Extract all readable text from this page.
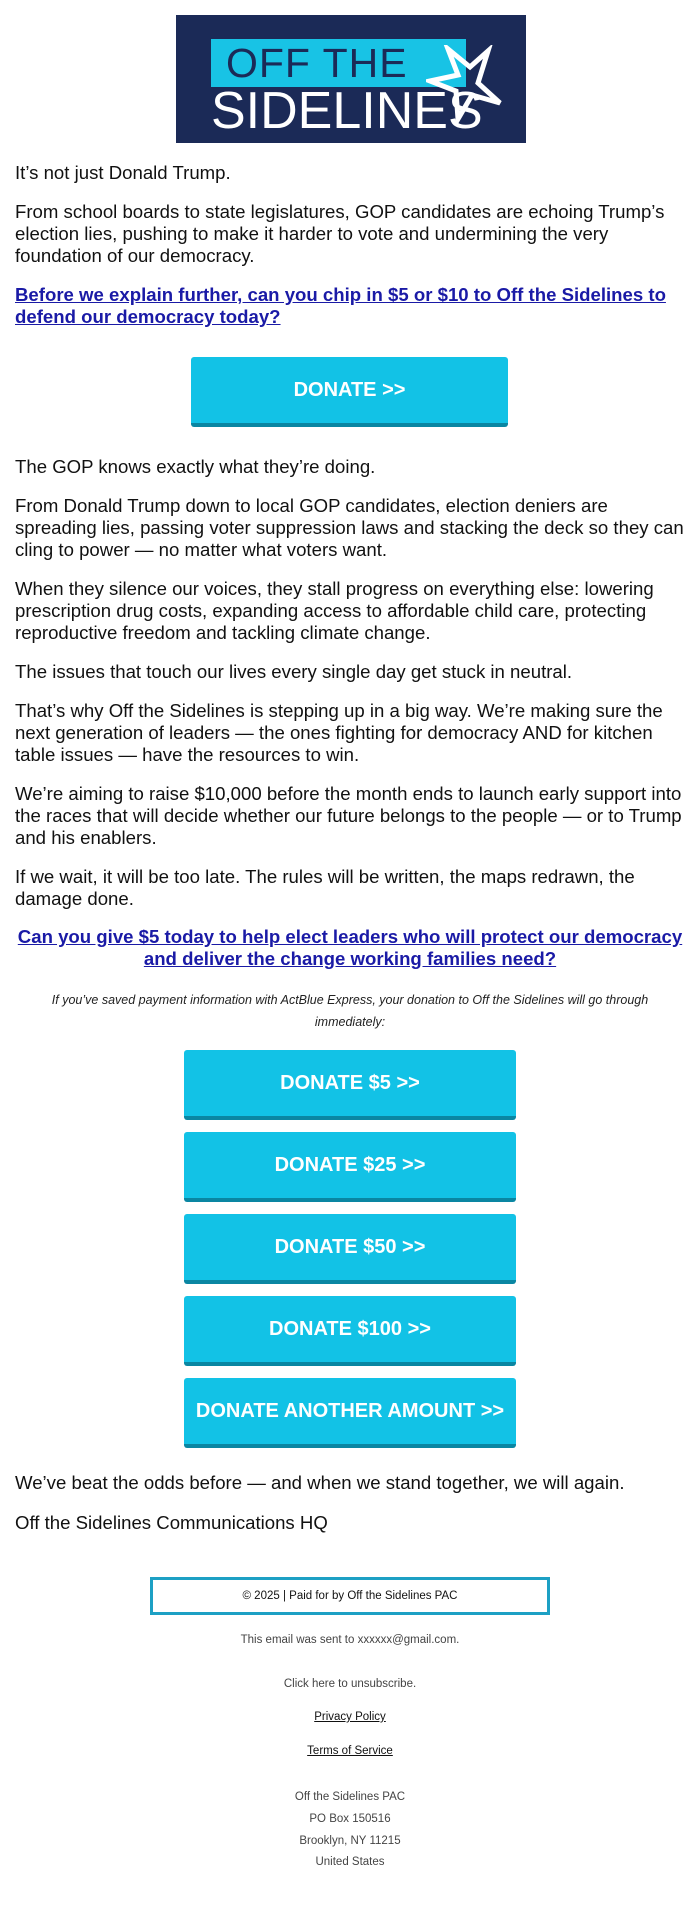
OFF THE
SIDELINES

It’s not just Donald Trump.

From school boards to state legislatures, GOP candidates are echoing Trump’s election lies, pushing to make it harder to vote and undermining the very foundation of our democracy.

Before we explain further, can you chip in $5 or $10 to Off the Sidelines to defend our democracy today?

DONATE >>

The GOP knows exactly what they’re doing.

From Donald Trump down to local GOP candidates, election deniers are spreading lies, passing voter suppression laws and stacking the deck so they can cling to power — no matter what voters want.

When they silence our voices, they stall progress on everything else: lowering prescription drug costs, expanding access to affordable child care, protecting reproductive freedom and tackling climate change.

The issues that touch our lives every single day get stuck in neutral.

That’s why Off the Sidelines is stepping up in a big way. We’re making sure the next generation of leaders — the ones fighting for democracy AND for kitchen table issues — have the resources to win.

We’re aiming to raise $10,000 before the month ends to launch early support into the races that will decide whether our future belongs to the people — or to Trump and his enablers.

If we wait, it will be too late. The rules will be written, the maps redrawn, the damage done.

Can you give $5 today to help elect leaders who will protect our democracy and deliver the change working families need?

If you’ve saved payment information with ActBlue Express, your donation to Off the Sidelines will go through immediately:
DONATE $5 >>
DONATE $25 >>
DONATE $50 >>
DONATE $100 >>
DONATE ANOTHER AMOUNT >>

We’ve beat the odds before — and when we stand together, we will again.

Off the Sidelines Communications HQ

© 2025 | Paid for by Off the Sidelines PAC
This email was sent to xxxxxx@gmail.com.
Click here to unsubscribe.
Privacy Policy
Terms of Service
Off the Sidelines PAC
PO Box 150516
Brooklyn, NY 11215
United States
